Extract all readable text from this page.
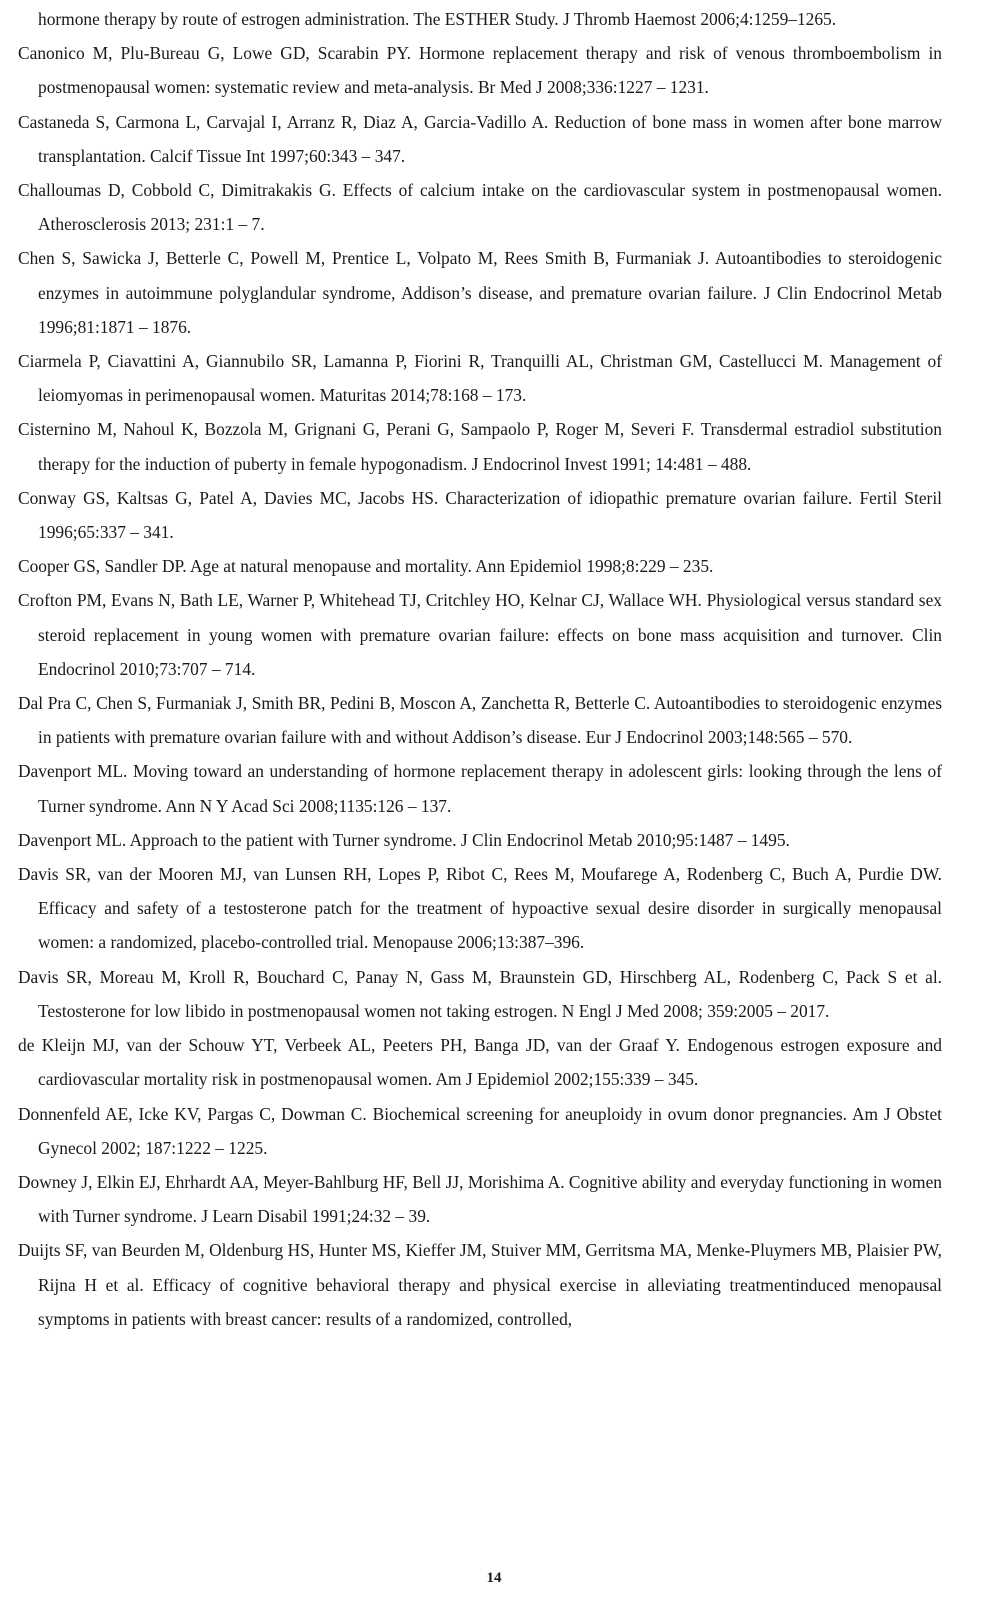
hormone therapy by route of estrogen administration. The ESTHER Study. J Thromb Haemost 2006;4:1259–1265.
Canonico M, Plu-Bureau G, Lowe GD, Scarabin PY. Hormone replacement therapy and risk of venous thromboembolism in postmenopausal women: systematic review and meta-analysis. Br Med J 2008;336:1227 – 1231.
Castaneda S, Carmona L, Carvajal I, Arranz R, Diaz A, Garcia-Vadillo A. Reduction of bone mass in women after bone marrow transplantation. Calcif Tissue Int 1997;60:343 – 347.
Challoumas D, Cobbold C, Dimitrakakis G. Effects of calcium intake on the cardiovascular system in postmenopausal women. Atherosclerosis 2013; 231:1 – 7.
Chen S, Sawicka J, Betterle C, Powell M, Prentice L, Volpato M, Rees Smith B, Furmaniak J. Autoantibodies to steroidogenic enzymes in autoimmune polyglandular syndrome, Addison’s disease, and premature ovarian failure. J Clin Endocrinol Metab 1996;81:1871 – 1876.
Ciarmela P, Ciavattini A, Giannubilo SR, Lamanna P, Fiorini R, Tranquilli AL, Christman GM, Castellucci M. Management of leiomyomas in perimenopausal women. Maturitas 2014;78:168 – 173.
Cisternino M, Nahoul K, Bozzola M, Grignani G, Perani G, Sampaolo P, Roger M, Severi F. Transdermal estradiol substitution therapy for the induction of puberty in female hypogonadism. J Endocrinol Invest 1991; 14:481 – 488.
Conway GS, Kaltsas G, Patel A, Davies MC, Jacobs HS. Characterization of idiopathic premature ovarian failure. Fertil Steril 1996;65:337 – 341.
Cooper GS, Sandler DP. Age at natural menopause and mortality. Ann Epidemiol 1998;8:229 – 235.
Crofton PM, Evans N, Bath LE, Warner P, Whitehead TJ, Critchley HO, Kelnar CJ, Wallace WH. Physiological versus standard sex steroid replacement in young women with premature ovarian failure: effects on bone mass acquisition and turnover. Clin Endocrinol 2010;73:707 – 714.
Dal Pra C, Chen S, Furmaniak J, Smith BR, Pedini B, Moscon A, Zanchetta R, Betterle C. Autoantibodies to steroidogenic enzymes in patients with premature ovarian failure with and without Addison’s disease. Eur J Endocrinol 2003;148:565 – 570.
Davenport ML. Moving toward an understanding of hormone replacement therapy in adolescent girls: looking through the lens of Turner syndrome. Ann N Y Acad Sci 2008;1135:126 – 137.
Davenport ML. Approach to the patient with Turner syndrome. J Clin Endocrinol Metab 2010;95:1487 – 1495.
Davis SR, van der Mooren MJ, van Lunsen RH, Lopes P, Ribot C, Rees M, Moufarege A, Rodenberg C, Buch A, Purdie DW. Efficacy and safety of a testosterone patch for the treatment of hypoactive sexual desire disorder in surgically menopausal women: a randomized, placebo-controlled trial. Menopause 2006;13:387–396.
Davis SR, Moreau M, Kroll R, Bouchard C, Panay N, Gass M, Braunstein GD, Hirschberg AL, Rodenberg C, Pack S et al. Testosterone for low libido in postmenopausal women not taking estrogen. N Engl J Med 2008; 359:2005 – 2017.
de Kleijn MJ, van der Schouw YT, Verbeek AL, Peeters PH, Banga JD, van der Graaf Y. Endogenous estrogen exposure and cardiovascular mortality risk in postmenopausal women. Am J Epidemiol 2002;155:339 – 345.
Donnenfeld AE, Icke KV, Pargas C, Dowman C. Biochemical screening for aneuploidy in ovum donor pregnancies. Am J Obstet Gynecol 2002; 187:1222 – 1225.
Downey J, Elkin EJ, Ehrhardt AA, Meyer-Bahlburg HF, Bell JJ, Morishima A. Cognitive ability and everyday functioning in women with Turner syndrome. J Learn Disabil 1991;24:32 – 39.
Duijts SF, van Beurden M, Oldenburg HS, Hunter MS, Kieffer JM, Stuiver MM, Gerritsma MA, Menke-Pluymers MB, Plaisier PW, Rijna H et al. Efficacy of cognitive behavioral therapy and physical exercise in alleviating treatmentinduced menopausal symptoms in patients with breast cancer: results of a randomized, controlled,
14
